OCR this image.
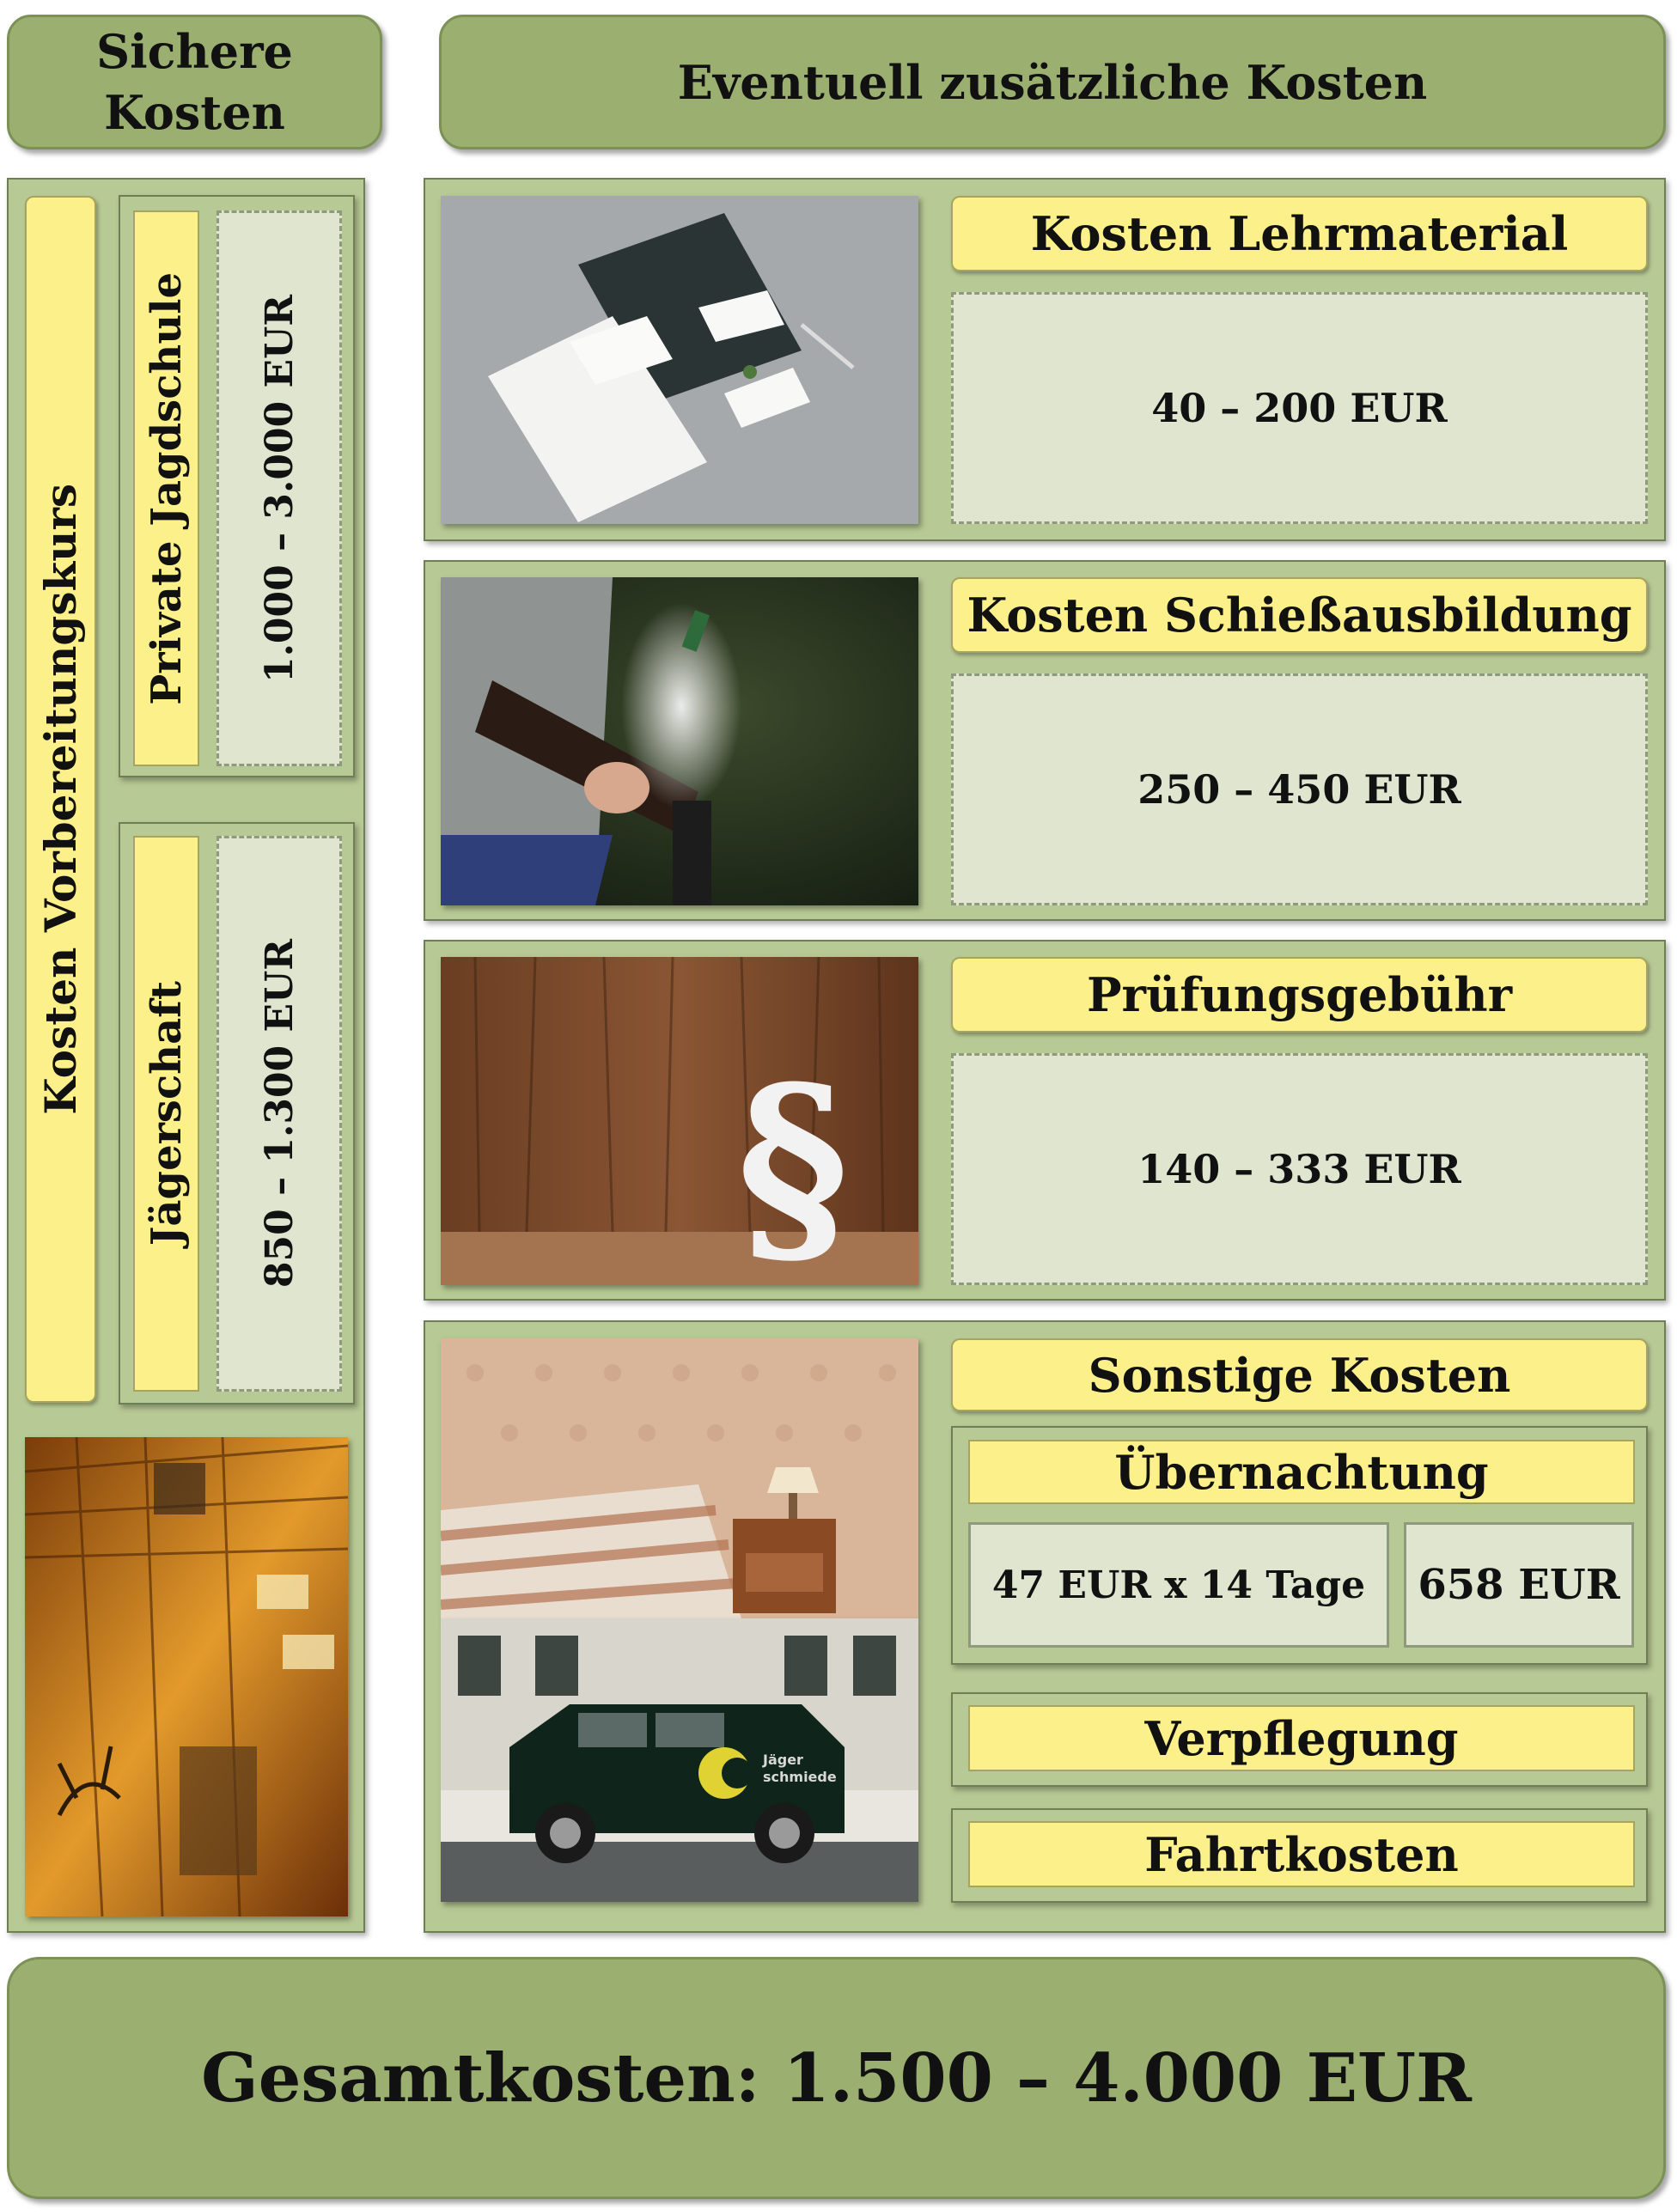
Sichere
Kosten
Eventuell zusätzliche Kosten
Kosten Vorbereitungskurs Private Jagdschule 1.000 – 3.000 EUR
Jägerschaft 850 – 1.300 EUR
Kosten Lehrmaterial
40 – 200 EUR
Kosten Schießausbildung
250 – 450 EUR
§
Prüfungsgebühr
140 – 333 EUR
Jäger
schmiede
Sonstige Kosten
Übernachtung
47 EUR x 14 Tage 658 EUR
Verpflegung
Fahrtkosten
Gesamtkosten: 1.500 – 4.000 EUR
